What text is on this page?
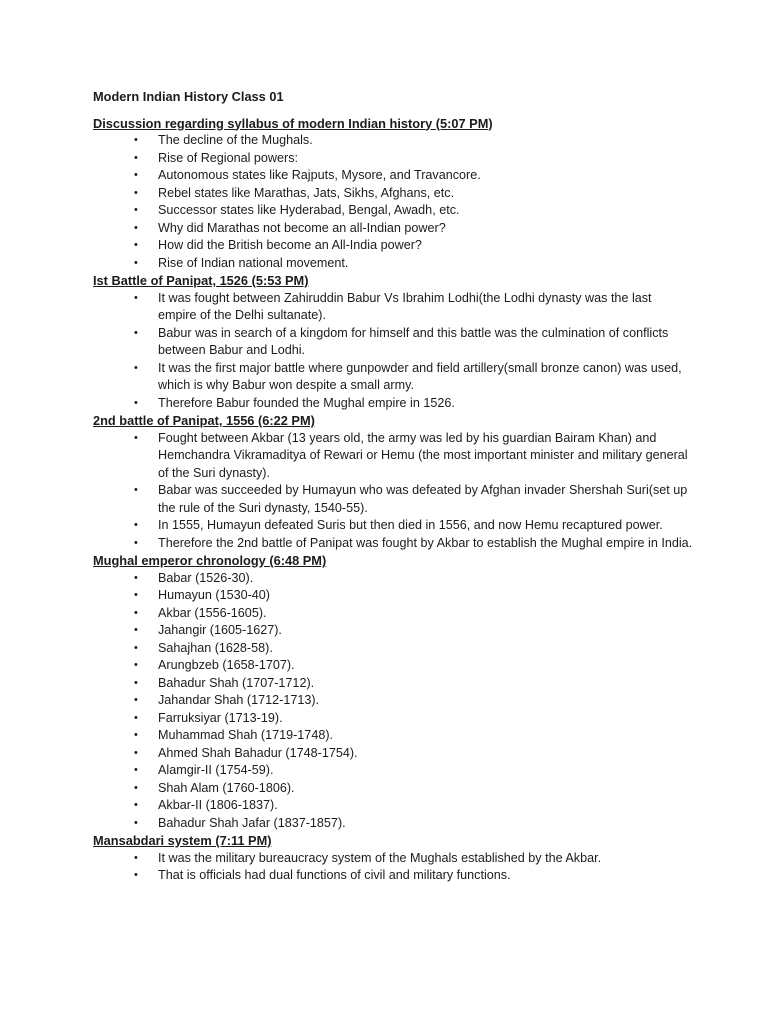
Modern Indian History Class 01
Discussion regarding syllabus of modern Indian history (5:07 PM)
• The decline of the Mughals.
• Rise of Regional powers:
• Autonomous states like Rajputs, Mysore, and Travancore.
• Rebel states like Marathas, Jats, Sikhs, Afghans, etc.
• Successor states like Hyderabad, Bengal, Awadh, etc.
• Why did Marathas not become an all-Indian power?
• How did the British become an All-India power?
• Rise of Indian national movement.
Ist Battle of Panipat, 1526 (5:53 PM)
• It was fought between Zahiruddin Babur Vs Ibrahim Lodhi(the Lodhi dynasty was the last empire of the Delhi sultanate).
• Babur was in search of a kingdom for himself and this battle was the culmination of conflicts between Babur and Lodhi.
• It was the first major battle where gunpowder and field artillery(small bronze canon) was used, which is why Babur won despite a small army.
• Therefore Babur founded the Mughal empire in 1526.
2nd battle of Panipat, 1556 (6:22 PM)
• Fought between Akbar (13 years old, the army was led by his guardian Bairam Khan) and Hemchandra Vikramaditya of Rewari or Hemu (the most important minister and military general of the Suri dynasty).
• Babar was succeeded by Humayun who was defeated by Afghan invader Shershah Suri(set up the rule of the Suri dynasty, 1540-55).
• In 1555, Humayun defeated Suris but then died in 1556, and now Hemu recaptured power.
• Therefore the 2nd battle of Panipat was fought by Akbar to establish the Mughal empire in India.
Mughal emperor chronology (6:48 PM)
• Babar (1526-30).
• Humayun (1530-40)
• Akbar (1556-1605).
• Jahangir (1605-1627).
• Sahajhan (1628-58).
• Arungbzeb (1658-1707).
• Bahadur Shah (1707-1712).
• Jahandar Shah (1712-1713).
• Farruksiyar (1713-19).
• Muhammad Shah (1719-1748).
• Ahmed Shah Bahadur (1748-1754).
• Alamgir-II (1754-59).
• Shah Alam (1760-1806).
• Akbar-II (1806-1837).
• Bahadur Shah Jafar (1837-1857).
Mansabdari system (7:11 PM)
• It was the military bureaucracy system of the Mughals established by the Akbar.
• That is officials had dual functions of civil and military functions.
